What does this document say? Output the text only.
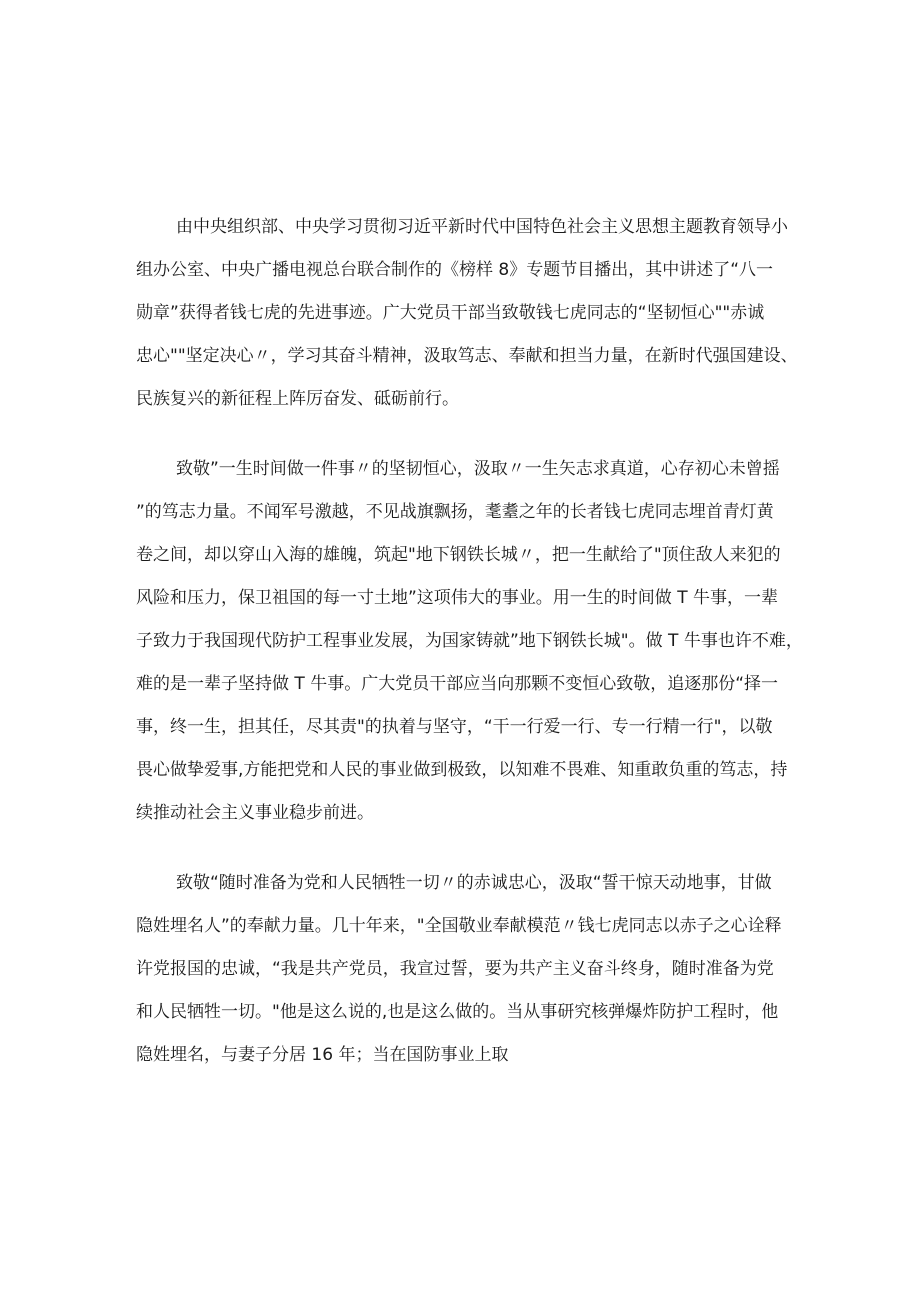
由中央组织部、中央学习贯彻习近平新时代中国特色社会主义思想主题教育领导小
组办公室、中央广播电视总台联合制作的《榜样 8》专题节目播出，其中讲述了“八一
勋章”获得者钱七虎的先进事迹。广大党员干部当致敬钱七虎同志的“坚韧恒心""赤诚
忠心""坚定决心〃，学习其奋斗精神，汲取笃志、奉献和担当力量，在新时代强国建设、
民族复兴的新征程上阵厉奋发、砥砺前行。
致敬”一生时间做一件事〃的坚韧恒心，汲取〃一生矢志求真道，心存初心未曾摇
”的笃志力量。不闻军号激越，不见战旗飘扬，耄耋之年的长者钱七虎同志埋首青灯黄
卷之间，却以穿山入海的雄魄，筑起"地下钢铁长城〃，把一生献给了"顶住敌人来犯的
风险和压力，保卫祖国的每一寸土地”这项伟大的事业。用一生的时间做 T 牛事，一辈
子致力于我国现代防护工程事业发展，为国家铸就”地下钢铁长城"。做 T 牛事也许不难，
难的是一辈子坚持做 T 牛事。广大党员干部应当向那颗不变恒心致敬，追逐那份“择一
事，终一生，担其任，尽其责"的执着与坚守，“干一行爱一行、专一行精一行"，以敬
畏心做挚爱事,方能把党和人民的事业做到极致，以知难不畏难、知重敢负重的笃志，持
续推动社会主义事业稳步前进。
致敬“随时准备为党和人民牺牲一切〃的赤诚忠心，汲取“誓干惊天动地事，甘做
隐姓埋名人”的奉献力量。几十年来，"全国敬业奉献模范〃钱七虎同志以赤子之心诠释
许党报国的忠诚，“我是共产党员，我宣过誓，要为共产主义奋斗终身，随时准备为党
和人民牺牲一切。"他是这么说的,也是这么做的。当从事研究核弹爆炸防护工程时，他
隐姓埋名，与妻子分居 16 年；当在国防事业上取
